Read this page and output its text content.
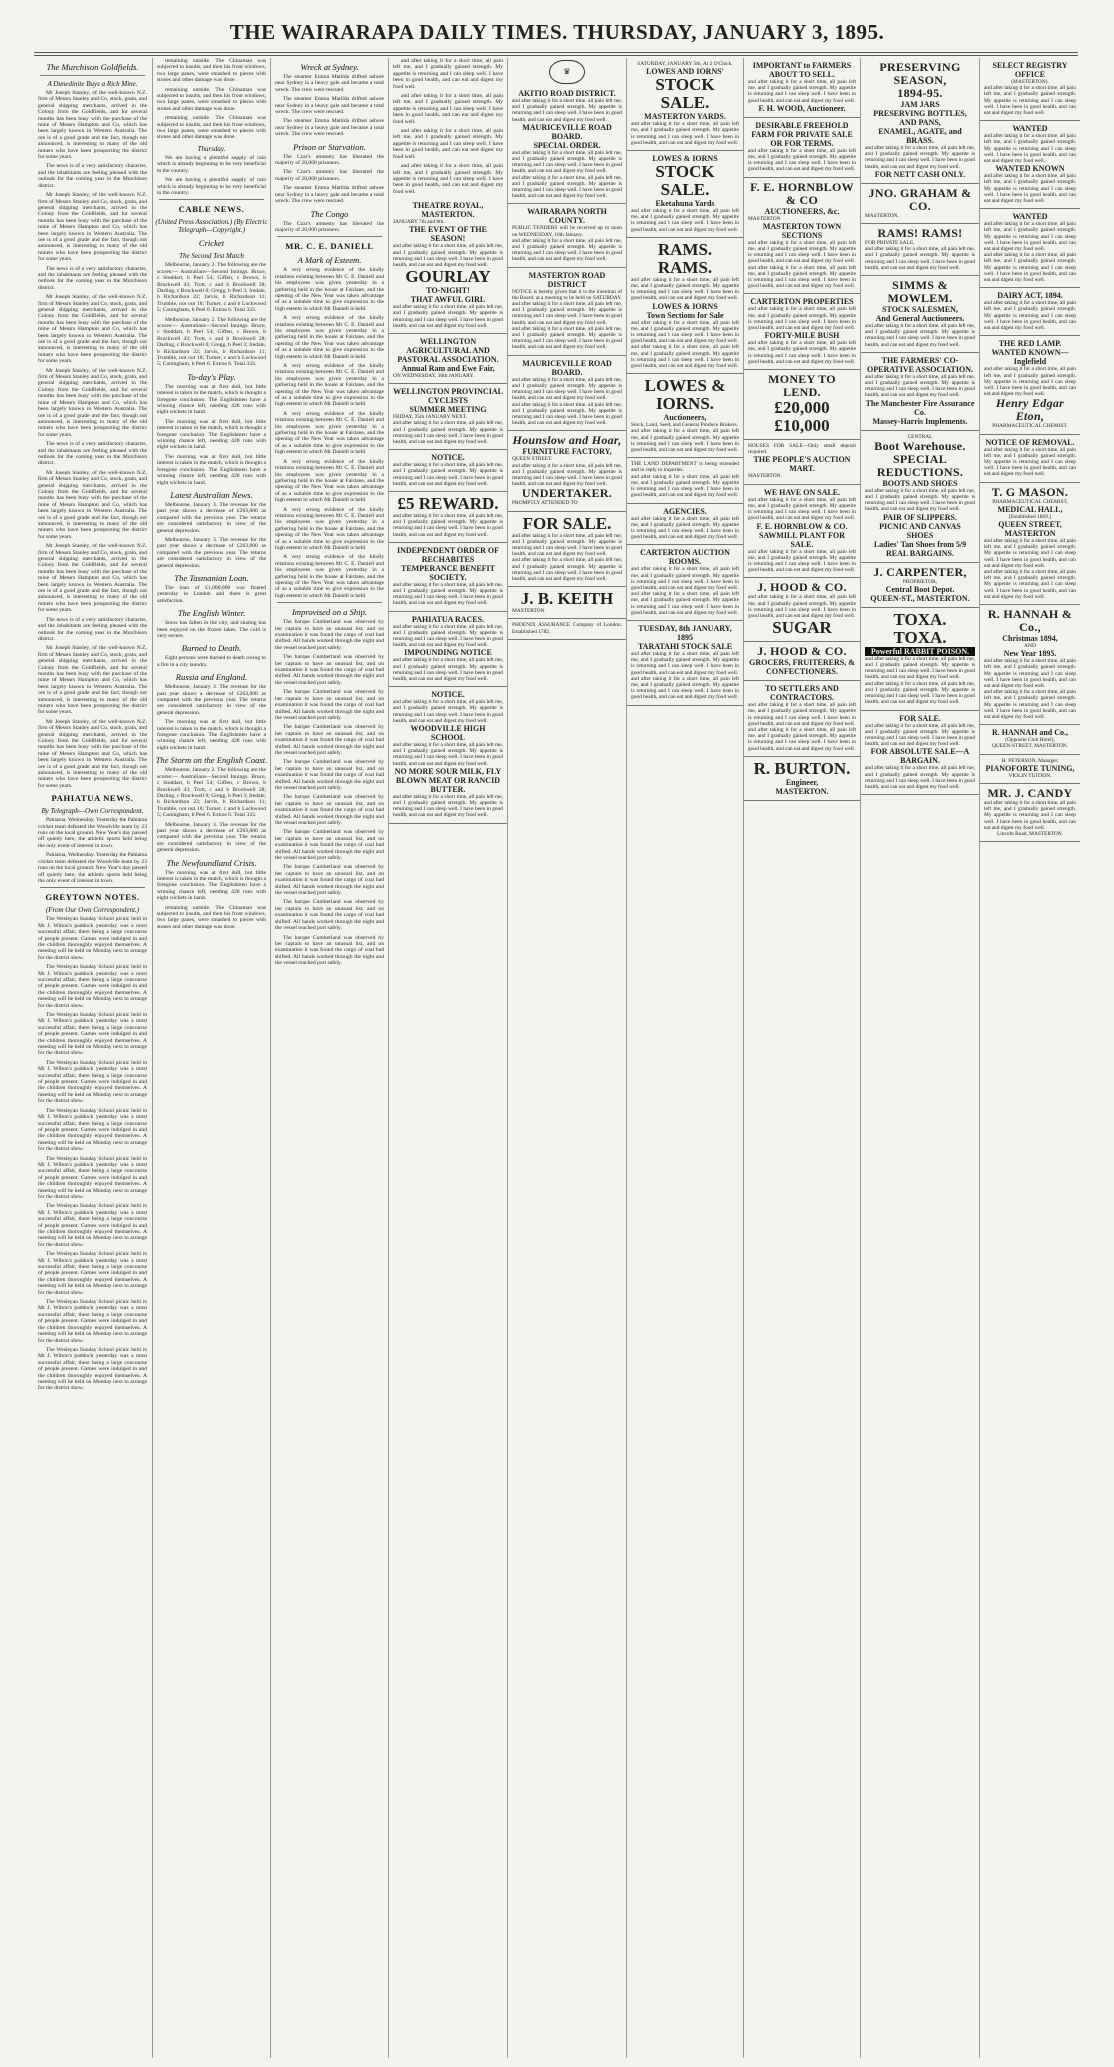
THE WAIRARAPA DAILY TIMES. THURSDAY, JANUARY 3, 1895.
The Murchison Goldfields.
A Dunedinite Buys a Rich Mine.

Mr Joseph Stanley, of the well-known N.Z. firm of Messrs Stanley and Co, stock, grain, and general shipping merchants, arrived in the Colony from the Goldfields, and for several months has been busy with the purchase of the mine of Messrs Hampton and Co, which has been largely known in Western Australia. The ore is of a good grade and the fact, though not announced, is interesting to many of the old miners who have been prospecting the district for some years.

The news is of a very satisfactory character, and the inhabitants are feeling pleased with the outlook for the coming year in the Murchison district.

Mr Joseph Stanley, of the well-known N.Z. firm of Messrs Stanley and Co, stock, grain, and general shipping merchants, arrived in the Colony from the Goldfields, and for several months has been busy with the purchase of the mine of Messrs Hampton and Co, which has been largely known in Western Australia. The ore is of a good grade and the fact, though not announced, is interesting to many of the old miners who have been prospecting the district for some years.

The news is of a very satisfactory character, and the inhabitants are feeling pleased with the outlook for the coming year in the Murchison district.

Mr Joseph Stanley, of the well-known N.Z. firm of Messrs Stanley and Co, stock, grain, and general shipping merchants, arrived in the Colony from the Goldfields, and for several months has been busy with the purchase of the mine of Messrs Hampton and Co, which has been largely known in Western Australia. The ore is of a good grade and the fact, though not announced, is interesting to many of the old miners who have been prospecting the district for some years.

Mr Joseph Stanley, of the well-known N.Z. firm of Messrs Stanley and Co, stock, grain, and general shipping merchants, arrived in the Colony from the Goldfields, and for several months has been busy with the purchase of the mine of Messrs Hampton and Co, which has been largely known in Western Australia. The ore is of a good grade and the fact, though not announced, is interesting to many of the old miners who have been prospecting the district for some years.

The news is of a very satisfactory character, and the inhabitants are feeling pleased with the outlook for the coming year in the Murchison district.

Mr Joseph Stanley, of the well-known N.Z. firm of Messrs Stanley and Co, stock, grain, and general shipping merchants, arrived in the Colony from the Goldfields, and for several months has been busy with the purchase of the mine of Messrs Hampton and Co, which has been largely known in Western Australia. The ore is of a good grade and the fact, though not announced, is interesting to many of the old miners who have been prospecting the district for some years.

Mr Joseph Stanley, of the well-known N.Z. firm of Messrs Stanley and Co, stock, grain, and general shipping merchants, arrived in the Colony from the Goldfields, and for several months has been busy with the purchase of the mine of Messrs Hampton and Co, which has been largely known in Western Australia. The ore is of a good grade and the fact, though not announced, is interesting to many of the old miners who have been prospecting the district for some years.

The news is of a very satisfactory character, and the inhabitants are feeling pleased with the outlook for the coming year in the Murchison district.

Mr Joseph Stanley, of the well-known N.Z. firm of Messrs Stanley and Co, stock, grain, and general shipping merchants, arrived in the Colony from the Goldfields, and for several months has been busy with the purchase of the mine of Messrs Hampton and Co, which has been largely known in Western Australia. The ore is of a good grade and the fact, though not announced, is interesting to many of the old miners who have been prospecting the district for some years.

Mr Joseph Stanley, of the well-known N.Z. firm of Messrs Stanley and Co, stock, grain, and general shipping merchants, arrived in the Colony from the Goldfields, and for several months has been busy with the purchase of the mine of Messrs Hampton and Co, which has been largely known in Western Australia. The ore is of a good grade and the fact, though not announced, is interesting to many of the old miners who have been prospecting the district for some years.

PAHIATUA NEWS.
By Telegraph—Own Correspondent.

Pahiatua, Wednesday. Yesterday the Pahiatua cricket team defeated the Woodville team by 23 runs on the local ground. New Year's day passed off quietly here, the athletic sports held being the only event of interest in town.

Pahiatua, Wednesday. Yesterday the Pahiatua cricket team defeated the Woodville team by 23 runs on the local ground. New Year's day passed off quietly here, the athletic sports held being the only event of interest in town.

GREYTOWN NOTES.
(From Our Own Correspondent.)

The Wesleyan Sunday School picnic held in Mr J. Wilton's paddock yesterday was a most successful affair, there being a large concourse of people present. Games were indulged in and the children thoroughly enjoyed themselves. A meeting will be held on Monday next to arrange for the district show.

The Wesleyan Sunday School picnic held in Mr J. Wilton's paddock yesterday was a most successful affair, there being a large concourse of people present. Games were indulged in and the children thoroughly enjoyed themselves. A meeting will be held on Monday next to arrange for the district show.

The Wesleyan Sunday School picnic held in Mr J. Wilton's paddock yesterday was a most successful affair, there being a large concourse of people present. Games were indulged in and the children thoroughly enjoyed themselves. A meeting will be held on Monday next to arrange for the district show.

The Wesleyan Sunday School picnic held in Mr J. Wilton's paddock yesterday was a most successful affair, there being a large concourse of people present. Games were indulged in and the children thoroughly enjoyed themselves. A meeting will be held on Monday next to arrange for the district show.

The Wesleyan Sunday School picnic held in Mr J. Wilton's paddock yesterday was a most successful affair, there being a large concourse of people present. Games were indulged in and the children thoroughly enjoyed themselves. A meeting will be held on Monday next to arrange for the district show.

The Wesleyan Sunday School picnic held in Mr J. Wilton's paddock yesterday was a most successful affair, there being a large concourse of people present. Games were indulged in and the children thoroughly enjoyed themselves. A meeting will be held on Monday next to arrange for the district show.

The Wesleyan Sunday School picnic held in Mr J. Wilton's paddock yesterday was a most successful affair, there being a large concourse of people present. Games were indulged in and the children thoroughly enjoyed themselves. A meeting will be held on Monday next to arrange for the district show.

The Wesleyan Sunday School picnic held in Mr J. Wilton's paddock yesterday was a most successful affair, there being a large concourse of people present. Games were indulged in and the children thoroughly enjoyed themselves. A meeting will be held on Monday next to arrange for the district show.

The Wesleyan Sunday School picnic held in Mr J. Wilton's paddock yesterday was a most successful affair, there being a large concourse of people present. Games were indulged in and the children thoroughly enjoyed themselves. A meeting will be held on Monday next to arrange for the district show.

The Wesleyan Sunday School picnic held in Mr J. Wilton's paddock yesterday was a most successful affair, there being a large concourse of people present. Games were indulged in and the children thoroughly enjoyed themselves. A meeting will be held on Monday next to arrange for the district show.

remaining outside. The Chinaman was subjected to insults, and then his front windows, two large panes, were smashed to pieces with stones and other damage was done.

remaining outside. The Chinaman was subjected to insults, and then his front windows, two large panes, were smashed to pieces with stones and other damage was done.

remaining outside. The Chinaman was subjected to insults, and then his front windows, two large panes, were smashed to pieces with stones and other damage was done.

Thursday.

We are having a plentiful supply of rain which is already beginning to be very beneficial to the country.

We are having a plentiful supply of rain which is already beginning to be very beneficial to the country.

CABLE NEWS.
(United Press Association.) (By Electric Telegraph—Copyright.)
Cricket
The Second Test Match

Melbourne, January 2. The following are the scores:— Australians—Second Innings. Bruce, c Stoddart, b Peel 54; Giffen, c Brown, b Brockwell 43; Trott, c and b Brockwell 28; Darling, c Brockwell 0; Gregg, b Peel 3; Iredale, b Richardson 22; Jarvis, b Richardson 11; Trumble, not out 18; Turner, c and b Lockwood 5; Coningham, b Peel 6. Extras 6. Total 333.

Melbourne, January 2. The following are the scores:— Australians—Second Innings. Bruce, c Stoddart, b Peel 54; Giffen, c Brown, b Brockwell 43; Trott, c and b Brockwell 28; Darling, c Brockwell 0; Gregg, b Peel 3; Iredale, b Richardson 22; Jarvis, b Richardson 11; Trumble, not out 18; Turner, c and b Lockwood 5; Coningham, b Peel 6. Extras 6. Total 333.

To-day's Play.

The morning was at first dull, but little interest is taken in the match, which is thought a foregone conclusion. The Englishmen have a winning chance left, needing 428 runs with eight wickets in hand.

The morning was at first dull, but little interest is taken in the match, which is thought a foregone conclusion. The Englishmen have a winning chance left, needing 428 runs with eight wickets in hand.

The morning was at first dull, but little interest is taken in the match, which is thought a foregone conclusion. The Englishmen have a winning chance left, needing 428 runs with eight wickets in hand.

Latest Australian News.

Melbourne, January 3. The revenue for the past year shows a decrease of £263,000 as compared with the previous year. The returns are considered satisfactory in view of the general depression.

Melbourne, January 3. The revenue for the past year shows a decrease of £263,000 as compared with the previous year. The returns are considered satisfactory in view of the general depression.

The Tasmanian Loan.

The loan of £1,000,000 was floated yesterday in London and there is great satisfaction.

The English Winter.

Snow has fallen in the city, and skating has been enjoyed on the frozen lakes. The cold is very severe.

Burned to Death.

Eight persons were burned to death owing to a fire in a city laundry.

Russia and England.

Melbourne, January 3. The revenue for the past year shows a decrease of £263,000 as compared with the previous year. The returns are considered satisfactory in view of the general depression.

The morning was at first dull, but little interest is taken in the match, which is thought a foregone conclusion. The Englishmen have a winning chance left, needing 428 runs with eight wickets in hand.

The Storm on the English Coast.

Melbourne, January 2. The following are the scores:— Australians—Second Innings. Bruce, c Stoddart, b Peel 54; Giffen, c Brown, b Brockwell 43; Trott, c and b Brockwell 28; Darling, c Brockwell 0; Gregg, b Peel 3; Iredale, b Richardson 22; Jarvis, b Richardson 11; Trumble, not out 18; Turner, c and b Lockwood 5; Coningham, b Peel 6. Extras 6. Total 333.

Melbourne, January 3. The revenue for the past year shows a decrease of £263,000 as compared with the previous year. The returns are considered satisfactory in view of the general depression.

The Newfoundland Crisis.

The morning was at first dull, but little interest is taken in the match, which is thought a foregone conclusion. The Englishmen have a winning chance left, needing 428 runs with eight wickets in hand.

remaining outside. The Chinaman was subjected to insults, and then his front windows, two large panes, were smashed to pieces with stones and other damage was done.

Wreck at Sydney.

The steamer Emma Matilda drifted ashore near Sydney in a heavy gale and became a total wreck. The crew were rescued.

The steamer Emma Matilda drifted ashore near Sydney in a heavy gale and became a total wreck. The crew were rescued.

The steamer Emma Matilda drifted ashore near Sydney in a heavy gale and became a total wreck. The crew were rescued.

Prison or Starvation.

The Czar's amnesty has liberated the majority of 20,000 prisoners.

The Czar's amnesty has liberated the majority of 20,000 prisoners.

The steamer Emma Matilda drifted ashore near Sydney in a heavy gale and became a total wreck. The crew were rescued.

The Congo

The Czar's amnesty has liberated the majority of 20,000 prisoners.

MR. C. E. DANIELL
A Mark of Esteem.

A very strong evidence of the kindly relations existing between Mr C. E. Daniell and his employees was given yesterday in a gathering held in the house at Fairlane, and the opening of the New Year was taken advantage of as a suitable time to give expression to the high esteem in which Mr Daniell is held.

A very strong evidence of the kindly relations existing between Mr C. E. Daniell and his employees was given yesterday in a gathering held in the house at Fairlane, and the opening of the New Year was taken advantage of as a suitable time to give expression to the high esteem in which Mr Daniell is held.

A very strong evidence of the kindly relations existing between Mr C. E. Daniell and his employees was given yesterday in a gathering held in the house at Fairlane, and the opening of the New Year was taken advantage of as a suitable time to give expression to the high esteem in which Mr Daniell is held.

A very strong evidence of the kindly relations existing between Mr C. E. Daniell and his employees was given yesterday in a gathering held in the house at Fairlane, and the opening of the New Year was taken advantage of as a suitable time to give expression to the high esteem in which Mr Daniell is held.

A very strong evidence of the kindly relations existing between Mr C. E. Daniell and his employees was given yesterday in a gathering held in the house at Fairlane, and the opening of the New Year was taken advantage of as a suitable time to give expression to the high esteem in which Mr Daniell is held.

A very strong evidence of the kindly relations existing between Mr C. E. Daniell and his employees was given yesterday in a gathering held in the house at Fairlane, and the opening of the New Year was taken advantage of as a suitable time to give expression to the high esteem in which Mr Daniell is held.

A very strong evidence of the kindly relations existing between Mr C. E. Daniell and his employees was given yesterday in a gathering held in the house at Fairlane, and the opening of the New Year was taken advantage of as a suitable time to give expression to the high esteem in which Mr Daniell is held.

Improvised on a Ship.

The barque Cumberland was observed by her captain to have an unusual list, and on examination it was found the cargo of coal had shifted. All hands worked through the night and the vessel reached port safely.

The barque Cumberland was observed by her captain to have an unusual list, and on examination it was found the cargo of coal had shifted. All hands worked through the night and the vessel reached port safely.

The barque Cumberland was observed by her captain to have an unusual list, and on examination it was found the cargo of coal had shifted. All hands worked through the night and the vessel reached port safely.

The barque Cumberland was observed by her captain to have an unusual list, and on examination it was found the cargo of coal had shifted. All hands worked through the night and the vessel reached port safely.

The barque Cumberland was observed by her captain to have an unusual list, and on examination it was found the cargo of coal had shifted. All hands worked through the night and the vessel reached port safely.

The barque Cumberland was observed by her captain to have an unusual list, and on examination it was found the cargo of coal had shifted. All hands worked through the night and the vessel reached port safely.

The barque Cumberland was observed by her captain to have an unusual list, and on examination it was found the cargo of coal had shifted. All hands worked through the night and the vessel reached port safely.

The barque Cumberland was observed by her captain to have an unusual list, and on examination it was found the cargo of coal had shifted. All hands worked through the night and the vessel reached port safely.

The barque Cumberland was observed by her captain to have an unusual list, and on examination it was found the cargo of coal had shifted. All hands worked through the night and the vessel reached port safely.

The barque Cumberland was observed by her captain to have an unusual list, and on examination it was found the cargo of coal had shifted. All hands worked through the night and the vessel reached port safely.

and after taking it for a short time, all pain left me, and I gradually gained strength. My appetite is returning and I can sleep well. I have been in good health, and can eat and digest my food well.

and after taking it for a short time, all pain left me, and I gradually gained strength. My appetite is returning and I can sleep well. I have been in good health, and can eat and digest my food well.

and after taking it for a short time, all pain left me, and I gradually gained strength. My appetite is returning and I can sleep well. I have been in good health, and can eat and digest my food well.

and after taking it for a short time, all pain left me, and I gradually gained strength. My appetite is returning and I can sleep well. I have been in good health, and can eat and digest my food well.

THEATRE ROYAL, MASTERTON.
JANUARY 7th and 8th.
THE EVENT OF THE SEASON!
and after taking it for a short time, all pain left me, and I gradually gained strength. My appetite is returning and I can sleep well. I have been in good health, and can eat and digest my food well.
GOURLAY
TO-NIGHT!
THAT AWFUL GIRL
and after taking it for a short time, all pain left me, and I gradually gained strength. My appetite is returning and I can sleep well. I have been in good health, and can eat and digest my food well.
WELLINGTON AGRICULTURAL AND PASTORAL ASSOCIATION.
Annual Ram and Ewe Fair,
ON WEDNESDAY, 30th JANUARY.
WELLINGTON PROVINCIAL CYCLISTS
SUMMER MEETING
FRIDAY, 25th JANUARY NEXT.
and after taking it for a short time, all pain left me, and I gradually gained strength. My appetite is returning and I can sleep well. I have been in good health, and can eat and digest my food well.
NOTICE.
and after taking it for a short time, all pain left me, and I gradually gained strength. My appetite is returning and I can sleep well. I have been in good health, and can eat and digest my food well.
£5 REWARD.
and after taking it for a short time, all pain left me, and I gradually gained strength. My appetite is returning and I can sleep well. I have been in good health, and can eat and digest my food well.
INDEPENDENT ORDER OF RECHABITES
TEMPERANCE BENEFIT SOCIETY.
and after taking it for a short time, all pain left me, and I gradually gained strength. My appetite is returning and I can sleep well. I have been in good health, and can eat and digest my food well.
PAHIATUA RACES.
and after taking it for a short time, all pain left me, and I gradually gained strength. My appetite is returning and I can sleep well. I have been in good health, and can eat and digest my food well.
IMPOUNDING NOTICE
and after taking it for a short time, all pain left me, and I gradually gained strength. My appetite is returning and I can sleep well. I have been in good health, and can eat and digest my food well.
NOTICE.
and after taking it for a short time, all pain left me, and I gradually gained strength. My appetite is returning and I can sleep well. I have been in good health, and can eat and digest my food well.
WOODVILLE HIGH SCHOOL
and after taking it for a short time, all pain left me, and I gradually gained strength. My appetite is returning and I can sleep well. I have been in good health, and can eat and digest my food well.
NO MORE SOUR MILK, FLY BLOWN MEAT OR RANCID BUTTER.
and after taking it for a short time, all pain left me, and I gradually gained strength. My appetite is returning and I can sleep well. I have been in good health, and can eat and digest my food well.
♛
AKITIO ROAD DISTRICT.
and after taking it for a short time, all pain left me, and I gradually gained strength. My appetite is returning and I can sleep well. I have been in good health, and can eat and digest my food well.
MAURICEVILLE ROAD BOARD.
SPECIAL ORDER.
and after taking it for a short time, all pain left me, and I gradually gained strength. My appetite is returning and I can sleep well. I have been in good health, and can eat and digest my food well.
and after taking it for a short time, all pain left me, and I gradually gained strength. My appetite is returning and I can sleep well. I have been in good health, and can eat and digest my food well.
WAIRARAPA NORTH COUNTY.
PUBLIC TENDERS will be received up to noon on WEDNESDAY, 16th January.
and after taking it for a short time, all pain left me, and I gradually gained strength. My appetite is returning and I can sleep well. I have been in good health, and can eat and digest my food well.
MASTERTON ROAD DISTRICT
NOTICE is hereby given that it is the intention of the Board, at a meeting to be held on SATURDAY.
and after taking it for a short time, all pain left me, and I gradually gained strength. My appetite is returning and I can sleep well. I have been in good health, and can eat and digest my food well.
and after taking it for a short time, all pain left me, and I gradually gained strength. My appetite is returning and I can sleep well. I have been in good health, and can eat and digest my food well.
MAURICEVILLE ROAD BOARD.
and after taking it for a short time, all pain left me, and I gradually gained strength. My appetite is returning and I can sleep well. I have been in good health, and can eat and digest my food well.
and after taking it for a short time, all pain left me, and I gradually gained strength. My appetite is returning and I can sleep well. I have been in good health, and can eat and digest my food well.
Hounslow and Hoar,
FURNITURE FACTORY,
QUEEN STREET.
and after taking it for a short time, all pain left me, and I gradually gained strength. My appetite is returning and I can sleep well. I have been in good health, and can eat and digest my food well.
UNDERTAKER.
PROMPTLY ATTENDED TO
FOR SALE.
and after taking it for a short time, all pain left me, and I gradually gained strength. My appetite is returning and I can sleep well. I have been in good health, and can eat and digest my food well.
and after taking it for a short time, all pain left me, and I gradually gained strength. My appetite is returning and I can sleep well. I have been in good health, and can eat and digest my food well.
J. B. KEITH
MASTERTON.
PHOENIX ASSURANCE Company of London. Established 1782.
SATURDAY, JANUARY 5th, At 2 O'Clock.
LOWES AND IORNS'
STOCK SALE.
MASTERTON YARDS.
and after taking it for a short time, all pain left me, and I gradually gained strength. My appetite is returning and I can sleep well. I have been in good health, and can eat and digest my food well.
LOWES & IORNS
STOCK SALE.
Eketahuna Yards
and after taking it for a short time, all pain left me, and I gradually gained strength. My appetite is returning and I can sleep well. I have been in good health, and can eat and digest my food well.
RAMS. RAMS.
and after taking it for a short time, all pain left me, and I gradually gained strength. My appetite is returning and I can sleep well. I have been in good health, and can eat and digest my food well.
LOWES & IORNS
Town Sections for Sale
and after taking it for a short time, all pain left me, and I gradually gained strength. My appetite is returning and I can sleep well. I have been in good health, and can eat and digest my food well.
and after taking it for a short time, all pain left me, and I gradually gained strength. My appetite is returning and I can sleep well. I have been in good health, and can eat and digest my food well.
LOWES & IORNS.
Auctioneers,
Stock, Land, Seed, and General Produce Brokers.
and after taking it for a short time, all pain left me, and I gradually gained strength. My appetite is returning and I can sleep well. I have been in good health, and can eat and digest my food well.
THE LAND DEPARTMENT is being extended and in reply to inquiries.
and after taking it for a short time, all pain left me, and I gradually gained strength. My appetite is returning and I can sleep well. I have been in good health, and can eat and digest my food well.
AGENCIES.
and after taking it for a short time, all pain left me, and I gradually gained strength. My appetite is returning and I can sleep well. I have been in good health, and can eat and digest my food well.
CARTERTON AUCTION ROOMS.
and after taking it for a short time, all pain left me, and I gradually gained strength. My appetite is returning and I can sleep well. I have been in good health, and can eat and digest my food well.
and after taking it for a short time, all pain left me, and I gradually gained strength. My appetite is returning and I can sleep well. I have been in good health, and can eat and digest my food well.
TUESDAY, 8th JANUARY, 1895
TARATAHI STOCK SALE
and after taking it for a short time, all pain left me, and I gradually gained strength. My appetite is returning and I can sleep well. I have been in good health, and can eat and digest my food well.
and after taking it for a short time, all pain left me, and I gradually gained strength. My appetite is returning and I can sleep well. I have been in good health, and can eat and digest my food well.
IMPORTANT to FARMERS ABOUT TO SELL.
and after taking it for a short time, all pain left me, and I gradually gained strength. My appetite is returning and I can sleep well. I have been in good health, and can eat and digest my food well.
F. H. WOOD, Auctioneer.
DESIRABLE FREEHOLD FARM FOR PRIVATE SALE OR FOR TERMS.
and after taking it for a short time, all pain left me, and I gradually gained strength. My appetite is returning and I can sleep well. I have been in good health, and can eat and digest my food well.
F. E. HORNBLOW & CO
AUCTIONEERS, &c.
MASTERTON
MASTERTON TOWN SECTIONS
and after taking it for a short time, all pain left me, and I gradually gained strength. My appetite is returning and I can sleep well. I have been in good health, and can eat and digest my food well.
and after taking it for a short time, all pain left me, and I gradually gained strength. My appetite is returning and I can sleep well. I have been in good health, and can eat and digest my food well.
CARTERTON PROPERTIES
and after taking it for a short time, all pain left me, and I gradually gained strength. My appetite is returning and I can sleep well. I have been in good health, and can eat and digest my food well.
FORTY-MILE BUSH
and after taking it for a short time, all pain left me, and I gradually gained strength. My appetite is returning and I can sleep well. I have been in good health, and can eat and digest my food well.
MONEY TO LEND.
£20,000
£10,000
HOUSES FOR SALE—Only small deposit required.
THE PEOPLE'S AUCTION MART.
MASTERTON.
WE HAVE ON SALE.
and after taking it for a short time, all pain left me, and I gradually gained strength. My appetite is returning and I can sleep well. I have been in good health, and can eat and digest my food well.
F. E. HORNBLOW & CO.
SAWMILL PLANT FOR SALE.
and after taking it for a short time, all pain left me, and I gradually gained strength. My appetite is returning and I can sleep well. I have been in good health, and can eat and digest my food well.
J. HOOD & CO.
and after taking it for a short time, all pain left me, and I gradually gained strength. My appetite is returning and I can sleep well. I have been in good health, and can eat and digest my food well.
SUGAR
J. HOOD & CO.
GROCERS, FRUITERERS, & CONFECTIONERS.
TO SETTLERS AND CONTRACTORS.
and after taking it for a short time, all pain left me, and I gradually gained strength. My appetite is returning and I can sleep well. I have been in good health, and can eat and digest my food well.
and after taking it for a short time, all pain left me, and I gradually gained strength. My appetite is returning and I can sleep well. I have been in good health, and can eat and digest my food well.
R. BURTON.
Engineer,
MASTERTON.
PRESERVING
SEASON,
1894-95.
JAM JARS
PRESERVING BOTTLES, AND PANS,
ENAMEL, AGATE, and BRASS.
and after taking it for a short time, all pain left me, and I gradually gained strength. My appetite is returning and I can sleep well. I have been in good health, and can eat and digest my food well.
FOR NETT CASH ONLY.
JNO. GRAHAM & CO.
MASTERTON.
RAMS! RAMS!
FOR PRIVATE SALE.
and after taking it for a short time, all pain left me, and I gradually gained strength. My appetite is returning and I can sleep well. I have been in good health, and can eat and digest my food well.
SIMMS & MOWLEM.
STOCK SALESMEN,
And General Auctioneers.
and after taking it for a short time, all pain left me, and I gradually gained strength. My appetite is returning and I can sleep well. I have been in good health, and can eat and digest my food well.
THE FARMERS' CO-OPERATIVE ASSOCIATION.
and after taking it for a short time, all pain left me, and I gradually gained strength. My appetite is returning and I can sleep well. I have been in good health, and can eat and digest my food well.
The Manchester Fire Assurance Co.
Massey-Harris Implements.
CENTRAL
Boot Warehouse.
SPECIAL REDUCTIONS.
BOOTS AND SHOES
and after taking it for a short time, all pain left me, and I gradually gained strength. My appetite is returning and I can sleep well. I have been in good health, and can eat and digest my food well.
PAIR OF SLIPPERS.
PICNIC AND CANVAS SHOES
Ladies' Tan Shoes from 5/9
REAL BARGAINS.
J. CARPENTER,
PROPRIETOR,
Central Boot Depot.
QUEEN-ST., MASTERTON.
TOXA. TOXA.
Powerful RABBIT POISON.
and after taking it for a short time, all pain left me, and I gradually gained strength. My appetite is returning and I can sleep well. I have been in good health, and can eat and digest my food well.
and after taking it for a short time, all pain left me, and I gradually gained strength. My appetite is returning and I can sleep well. I have been in good health, and can eat and digest my food well.
FOR SALE.
and after taking it for a short time, all pain left me, and I gradually gained strength. My appetite is returning and I can sleep well. I have been in good health, and can eat and digest my food well.
FOR ABSOLUTE SALE—A BARGAIN.
and after taking it for a short time, all pain left me, and I gradually gained strength. My appetite is returning and I can sleep well. I have been in good health, and can eat and digest my food well.
SELECT REGISTRY OFFICE
(MASTERTON).
and after taking it for a short time, all pain left me, and I gradually gained strength. My appetite is returning and I can sleep well. I have been in good health, and can eat and digest my food well.
WANTED
and after taking it for a short time, all pain left me, and I gradually gained strength. My appetite is returning and I can sleep well. I have been in good health, and can eat and digest my food well.
WANTED KNOWN
and after taking it for a short time, all pain left me, and I gradually gained strength. My appetite is returning and I can sleep well. I have been in good health, and can eat and digest my food well.
WANTED
and after taking it for a short time, all pain left me, and I gradually gained strength. My appetite is returning and I can sleep well. I have been in good health, and can eat and digest my food well.
and after taking it for a short time, all pain left me, and I gradually gained strength. My appetite is returning and I can sleep well. I have been in good health, and can eat and digest my food well.
DAIRY ACT, 1894.
and after taking it for a short time, all pain left me, and I gradually gained strength. My appetite is returning and I can sleep well. I have been in good health, and can eat and digest my food well.
THE RED LAMP.
WANTED KNOWN—Inglefield
and after taking it for a short time, all pain left me, and I gradually gained strength. My appetite is returning and I can sleep well. I have been in good health, and can eat and digest my food well.
Henry Edgar Eton,
PHARMACEUTICAL CHEMIST.
NOTICE OF REMOVAL.
and after taking it for a short time, all pain left me, and I gradually gained strength. My appetite is returning and I can sleep well. I have been in good health, and can eat and digest my food well.
T. G MASON.
PHARMACEUTICAL CHEMIST,
MEDICAL HALL,
[Established 1869.]
QUEEN STREET, MASTERTON
and after taking it for a short time, all pain left me, and I gradually gained strength. My appetite is returning and I can sleep well. I have been in good health, and can eat and digest my food well.
and after taking it for a short time, all pain left me, and I gradually gained strength. My appetite is returning and I can sleep well. I have been in good health, and can eat and digest my food well.
R. HANNAH & Co.,
Christmas 1894,
AND
New Year 1895.
and after taking it for a short time, all pain left me, and I gradually gained strength. My appetite is returning and I can sleep well. I have been in good health, and can eat and digest my food well.
and after taking it for a short time, all pain left me, and I gradually gained strength. My appetite is returning and I can sleep well. I have been in good health, and can eat and digest my food well.
R. HANNAH and Co.,
(Opposite Club Hotel),
QUEEN-STREET, MASTERTON.
H. PETERSON, Manager.
PIANOFORTE TUNING,
VIOLIN TUITION.
MR. J. CANDY
and after taking it for a short time, all pain left me, and I gradually gained strength. My appetite is returning and I can sleep well. I have been in good health, and can eat and digest my food well.
Lincoln Road, MASTERTON.
